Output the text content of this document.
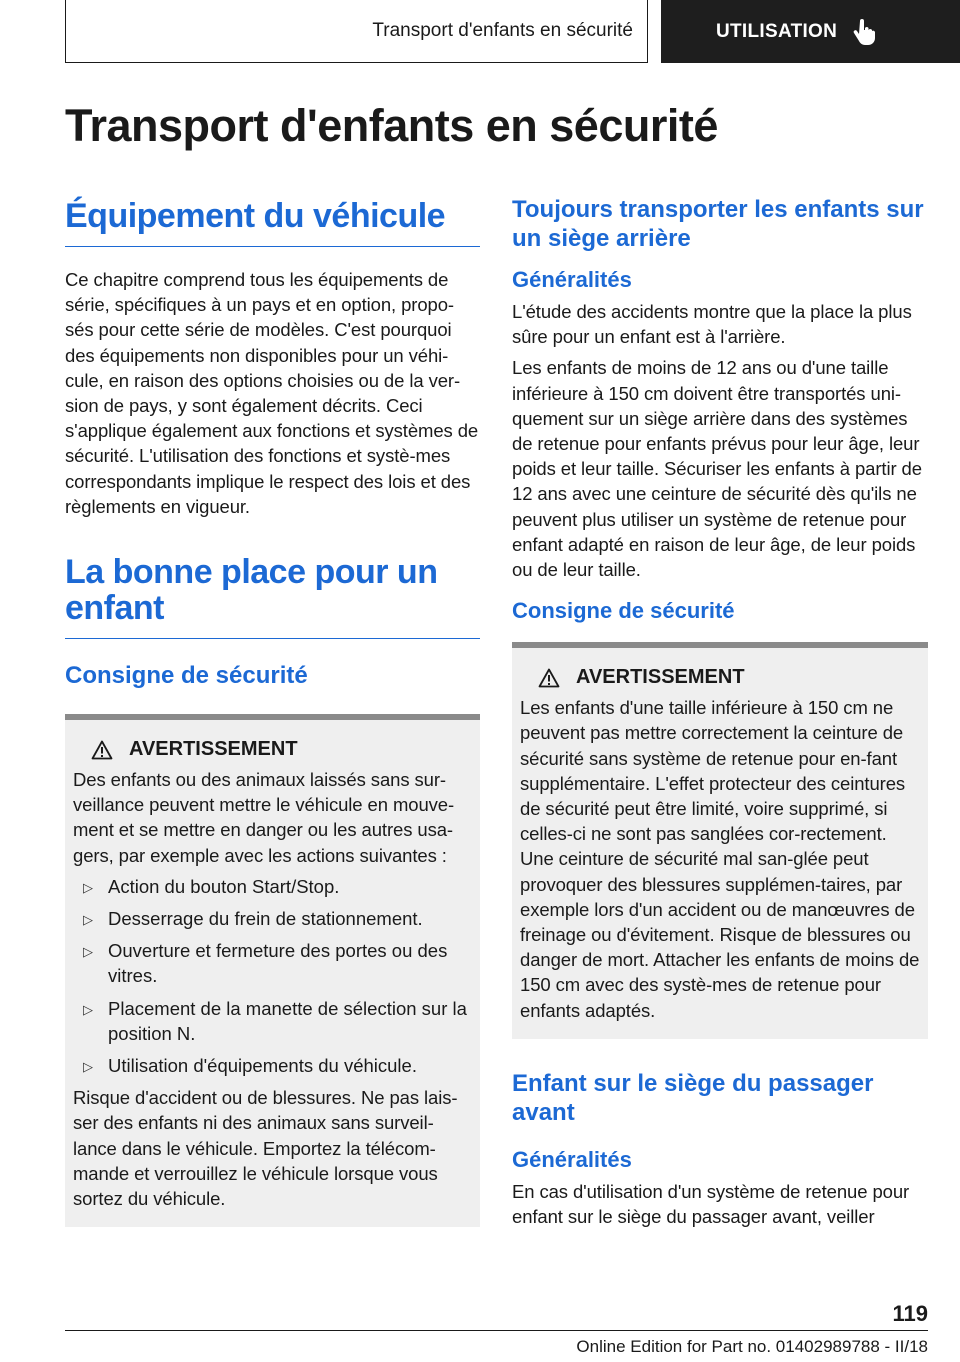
Transport d'enfants en sécurité	UTILISATION
Transport d'enfants en sécurité
Équipement du véhicule

Ce chapitre comprend tous les équipements de série, spécifiques à un pays et en option, propo-sés pour cette série de modèles. C'est pourquoi des équipements non disponibles pour un véhi-cule, en raison des options choisies ou de la ver-sion de pays, y sont également décrits. Ceci s'applique également aux fonctions et systèmes de sécurité. L'utilisation des fonctions et systè-mes correspondants implique le respect des lois et des règlements en vigueur.

La bonne place pour un enfant
Consigne de sécurité
AVERTISSEMENT

Des enfants ou des animaux laissés sans sur-veillance peuvent mettre le véhicule en mouve-ment et se mettre en danger ou les autres usa-gers, par exemple avec les actions suivantes :

▷ Action du bouton Start/Stop.
▷ Desserrage du frein de stationnement.
▷ Ouverture et fermeture des portes ou des vitres.
▷ Placement de la manette de sélection sur la position N.
▷ Utilisation d'équipements du véhicule.

Risque d'accident ou de blessures. Ne pas lais-ser des enfants ni des animaux sans surveil-lance dans le véhicule. Emportez la télécom-mande et verrouillez le véhicule lorsque vous sortez du véhicule.

Toujours transporter les enfants sur un siège arrière
Généralités

L'étude des accidents montre que la place la plus sûre pour un enfant est à l'arrière.

Les enfants de moins de 12 ans ou d'une taille inférieure à 150 cm doivent être transportés uni-quement sur un siège arrière dans des systèmes de retenue pour enfants prévus pour leur âge, leur poids et leur taille. Sécuriser les enfants à partir de 12 ans avec une ceinture de sécurité dès qu'ils ne peuvent plus utiliser un système de retenue pour enfant adapté en raison de leur âge, de leur poids ou de leur taille.

Consigne de sécurité
AVERTISSEMENT

Les enfants d'une taille inférieure à 150 cm ne peuvent pas mettre correctement la ceinture de sécurité sans système de retenue pour en-fant supplémentaire. L'effet protecteur des ceintures de sécurité peut être limité, voire supprimé, si celles-ci ne sont pas sanglées cor-rectement. Une ceinture de sécurité mal san-glée peut provoquer des blessures supplémen-taires, par exemple lors d'un accident ou de manœuvres de freinage ou d'évitement. Risque de blessures ou danger de mort. Attacher les enfants de moins de 150 cm avec des systè-mes de retenue pour enfants adaptés.

Enfant sur le siège du passager avant
Généralités

En cas d'utilisation d'un système de retenue pour enfant sur le siège du passager avant, veiller

119
Online Edition for Part no. 01402989788 - II/18
